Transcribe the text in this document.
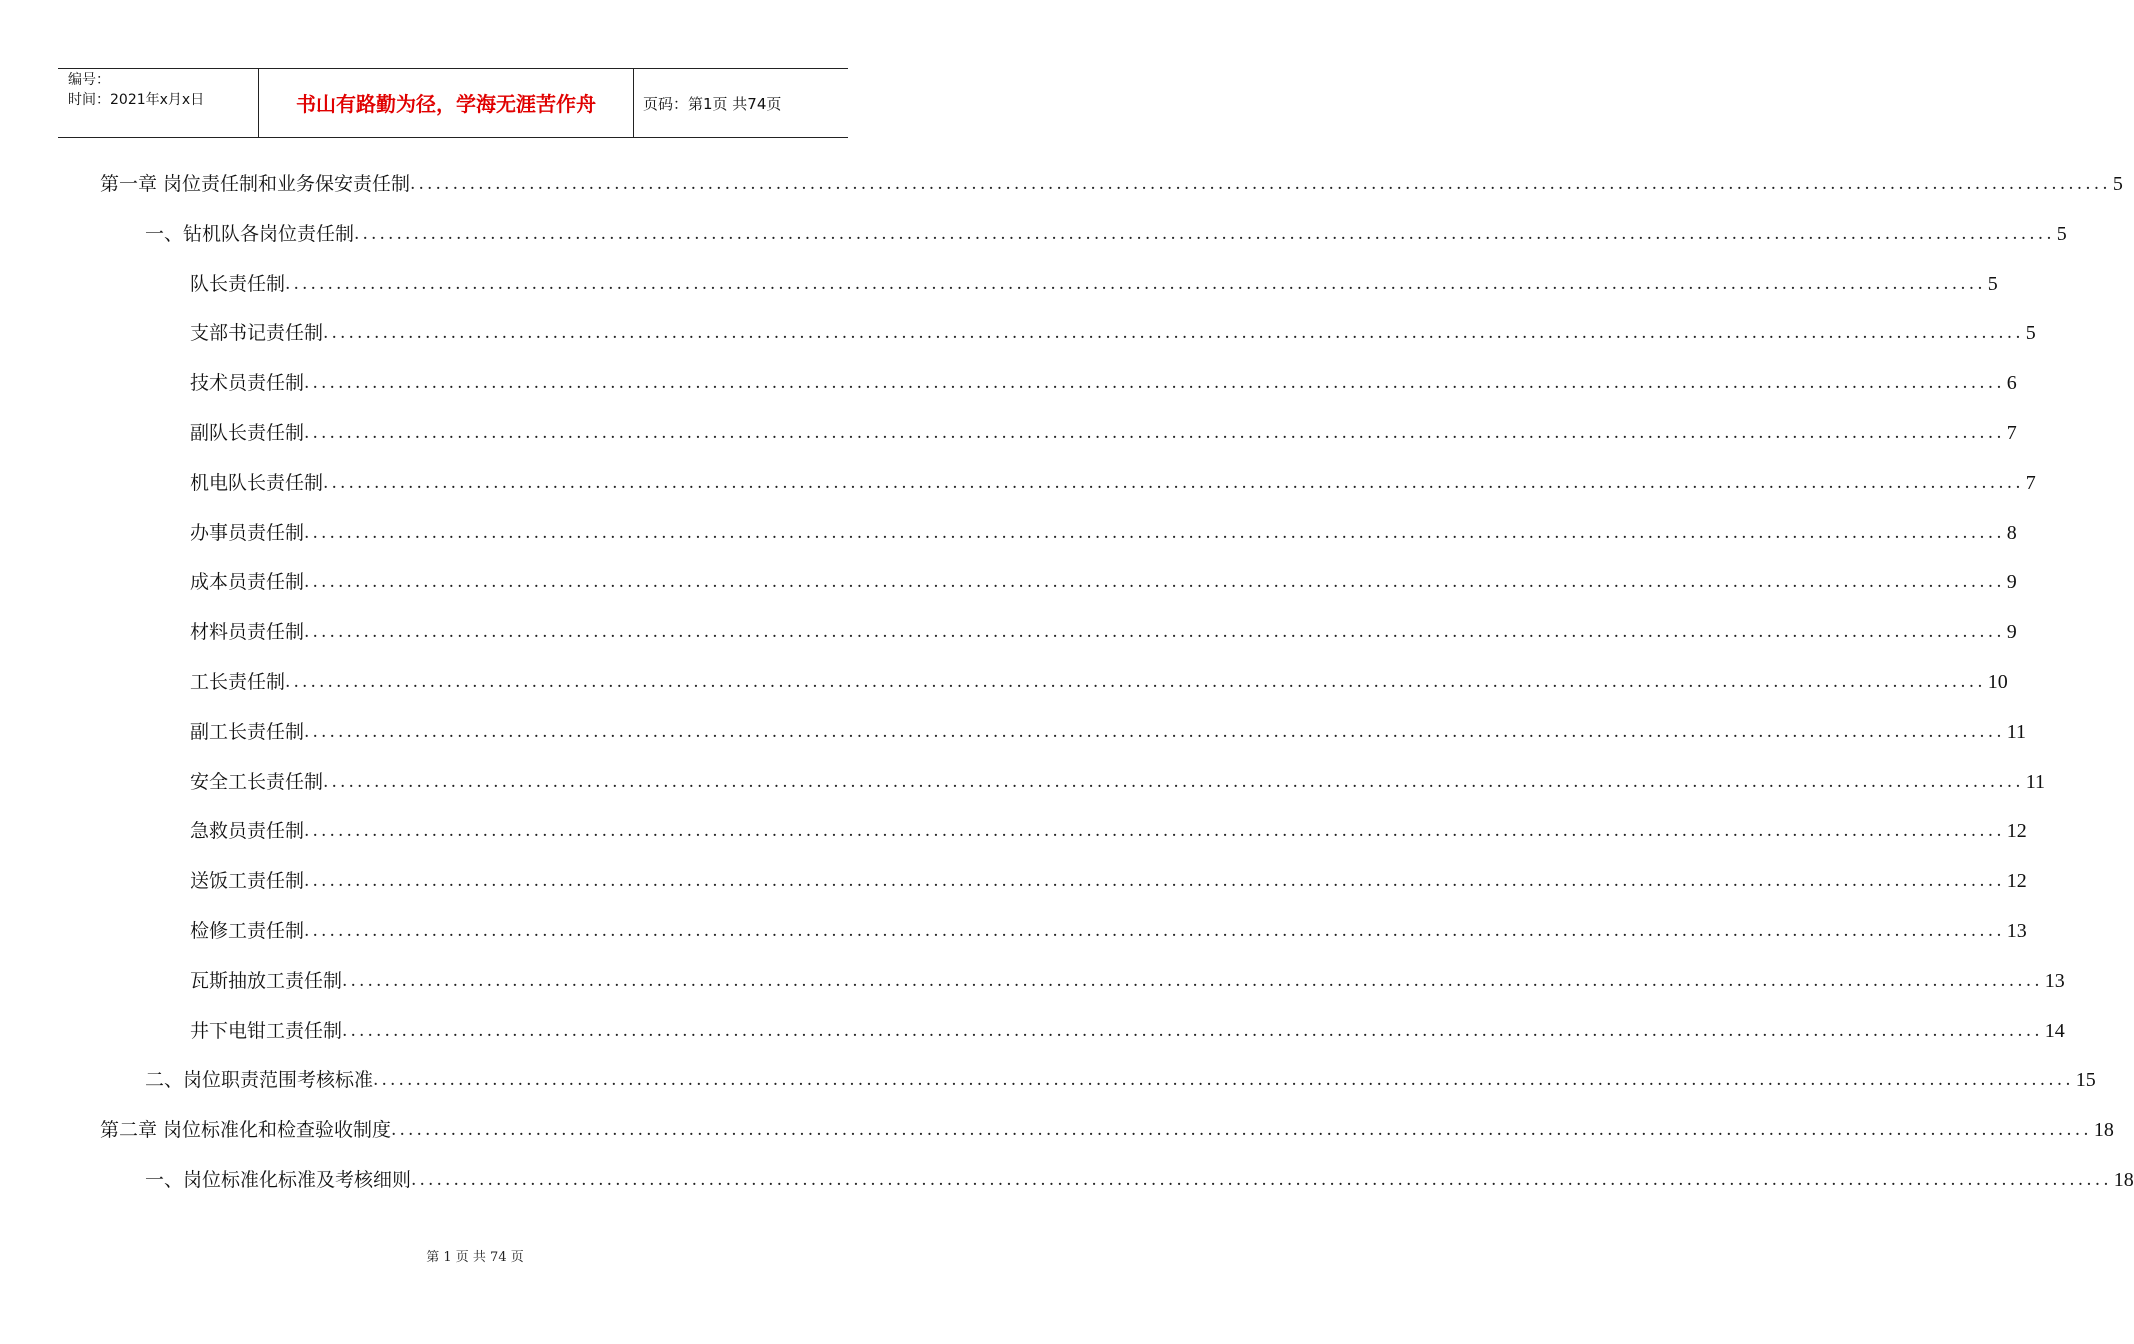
编号：
时间：2021年x月x日	书山有路勤为径，学海无涯苦作舟	页码：第1页 共74页
第一章 岗位责任制和业务保安责任制 ........................................................................................................................................................................................................ 5
一、钻机队各岗位责任制 ........................................................................................................................................................................................................ 5
队长责任制 ........................................................................................................................................................................................................ 5
支部书记责任制 ........................................................................................................................................................................................................ 5
技术员责任制 ........................................................................................................................................................................................................ 6
副队长责任制 ........................................................................................................................................................................................................ 7
机电队长责任制 ........................................................................................................................................................................................................ 7
办事员责任制 ........................................................................................................................................................................................................ 8
成本员责任制 ........................................................................................................................................................................................................ 9
材料员责任制 ........................................................................................................................................................................................................ 9
工长责任制 ........................................................................................................................................................................................................ 10
副工长责任制 ........................................................................................................................................................................................................ 11
安全工长责任制 ........................................................................................................................................................................................................ 11
急救员责任制 ........................................................................................................................................................................................................ 12
送饭工责任制 ........................................................................................................................................................................................................ 12
检修工责任制 ........................................................................................................................................................................................................ 13
瓦斯抽放工责任制 ........................................................................................................................................................................................................ 13
井下电钳工责任制 ........................................................................................................................................................................................................ 14
二、岗位职责范围考核标准 ........................................................................................................................................................................................................ 15
第二章 岗位标准化和检查验收制度 ........................................................................................................................................................................................................ 18
一、岗位标准化标准及考核细则 ........................................................................................................................................................................................................ 18
第 1 页 共 74 页
